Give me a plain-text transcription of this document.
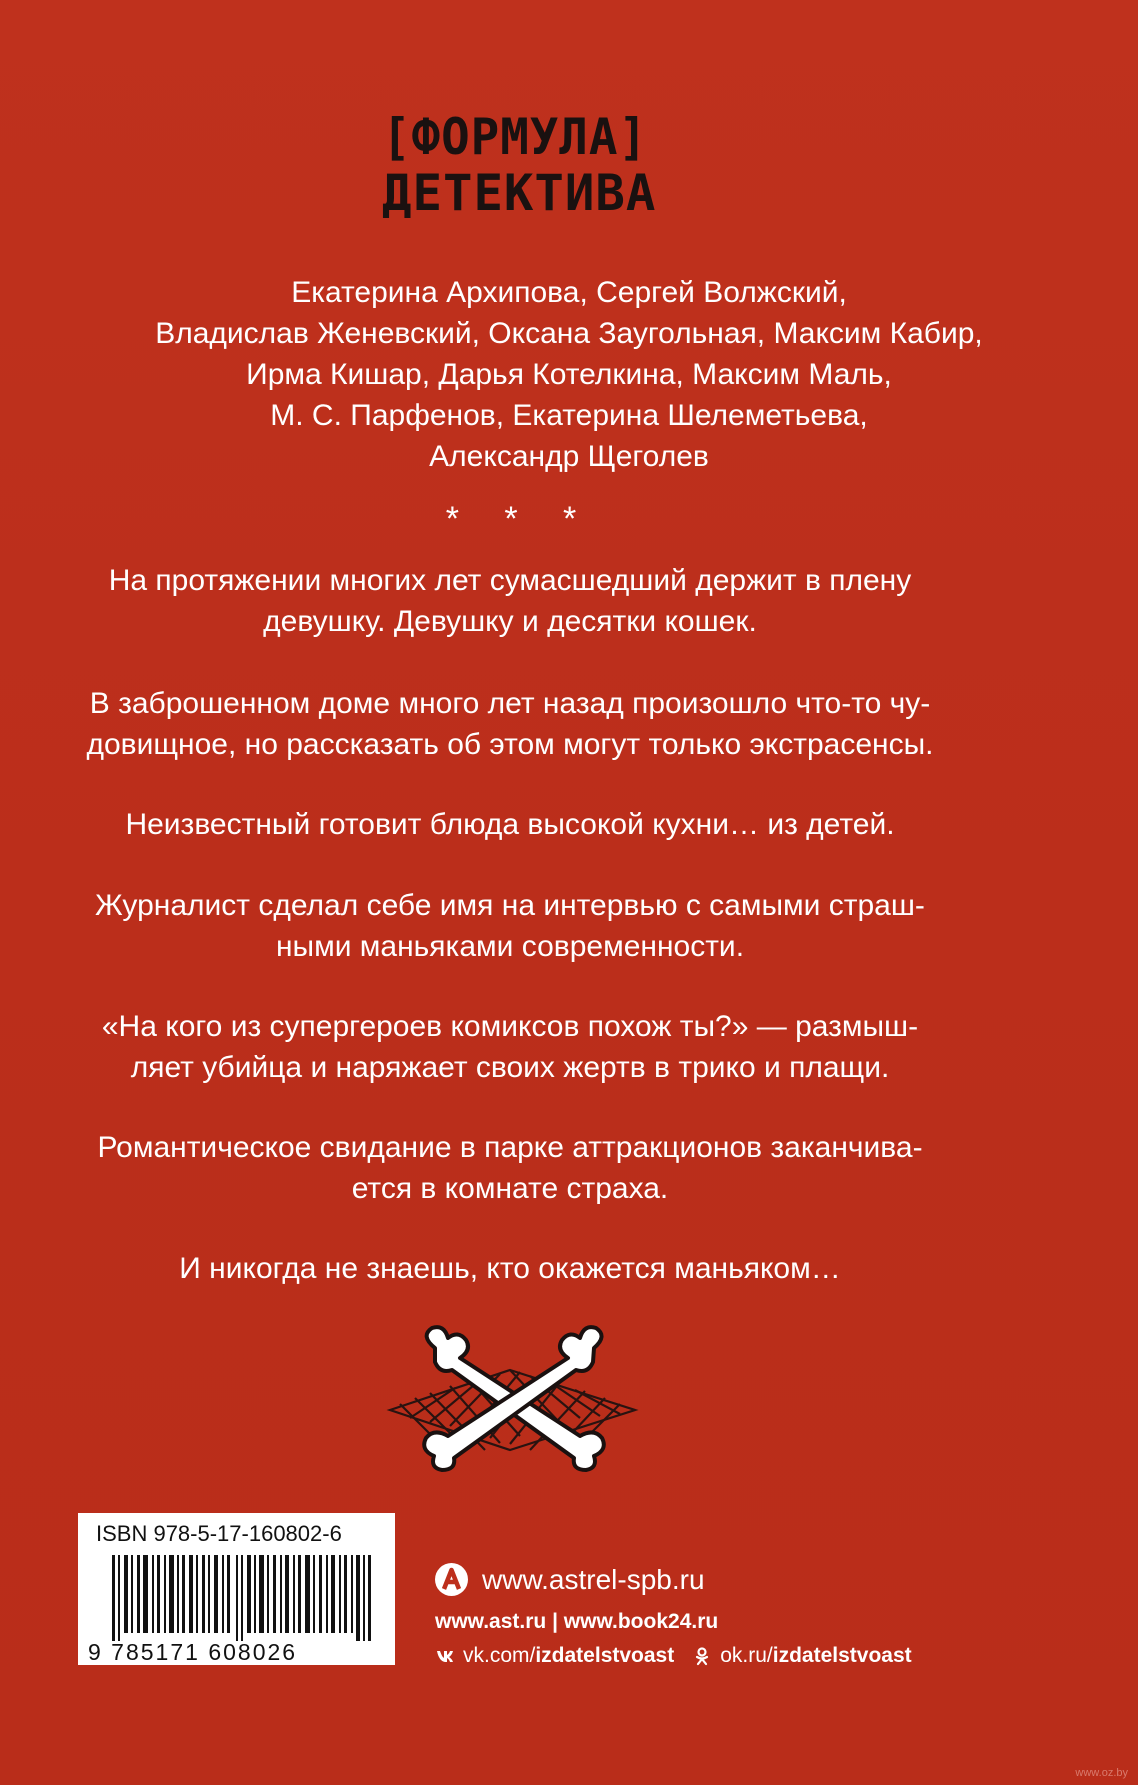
[ФОРМУЛА]
ДЕТЕКТИВА
Екатерина Архипова, Сергей Волжский,
Владислав Женевский, Оксана Заугольная, Максим Кабир,
Ирма Кишар, Дарья Котелкина, Максим Маль,
М. С. Парфенов, Екатерина Шелеметьева,
Александр Щеголев
* * *
На протяжении многих лет сумасшедший держит в плену
девушку. Девушку и десятки кошек.
В заброшенном доме много лет назад произошло что-то чу-
довищное, но рассказать об этом могут только экстрасенсы.
Неизвестный готовит блюда высокой кухни… из детей.
Журналист сделал себе имя на интервью с самыми страш-
ными маньяками современности.
«На кого из супергероев комиксов похож ты?» — размыш-
ляет убийца и наряжает своих жертв в трико и плащи.
Романтическое свидание в парке аттракционов заканчива-
ется в комнате страха.
И никогда не знаешь, кто окажется маньяком…
ISBN 978-5-17-160802-6
9 785171 608026
www.astrel-spb.ru
www.ast.ru | www.book24.ru
vk.com/ izdatelstvoast ok.ru/ izdatelstvoast
www.oz.by
